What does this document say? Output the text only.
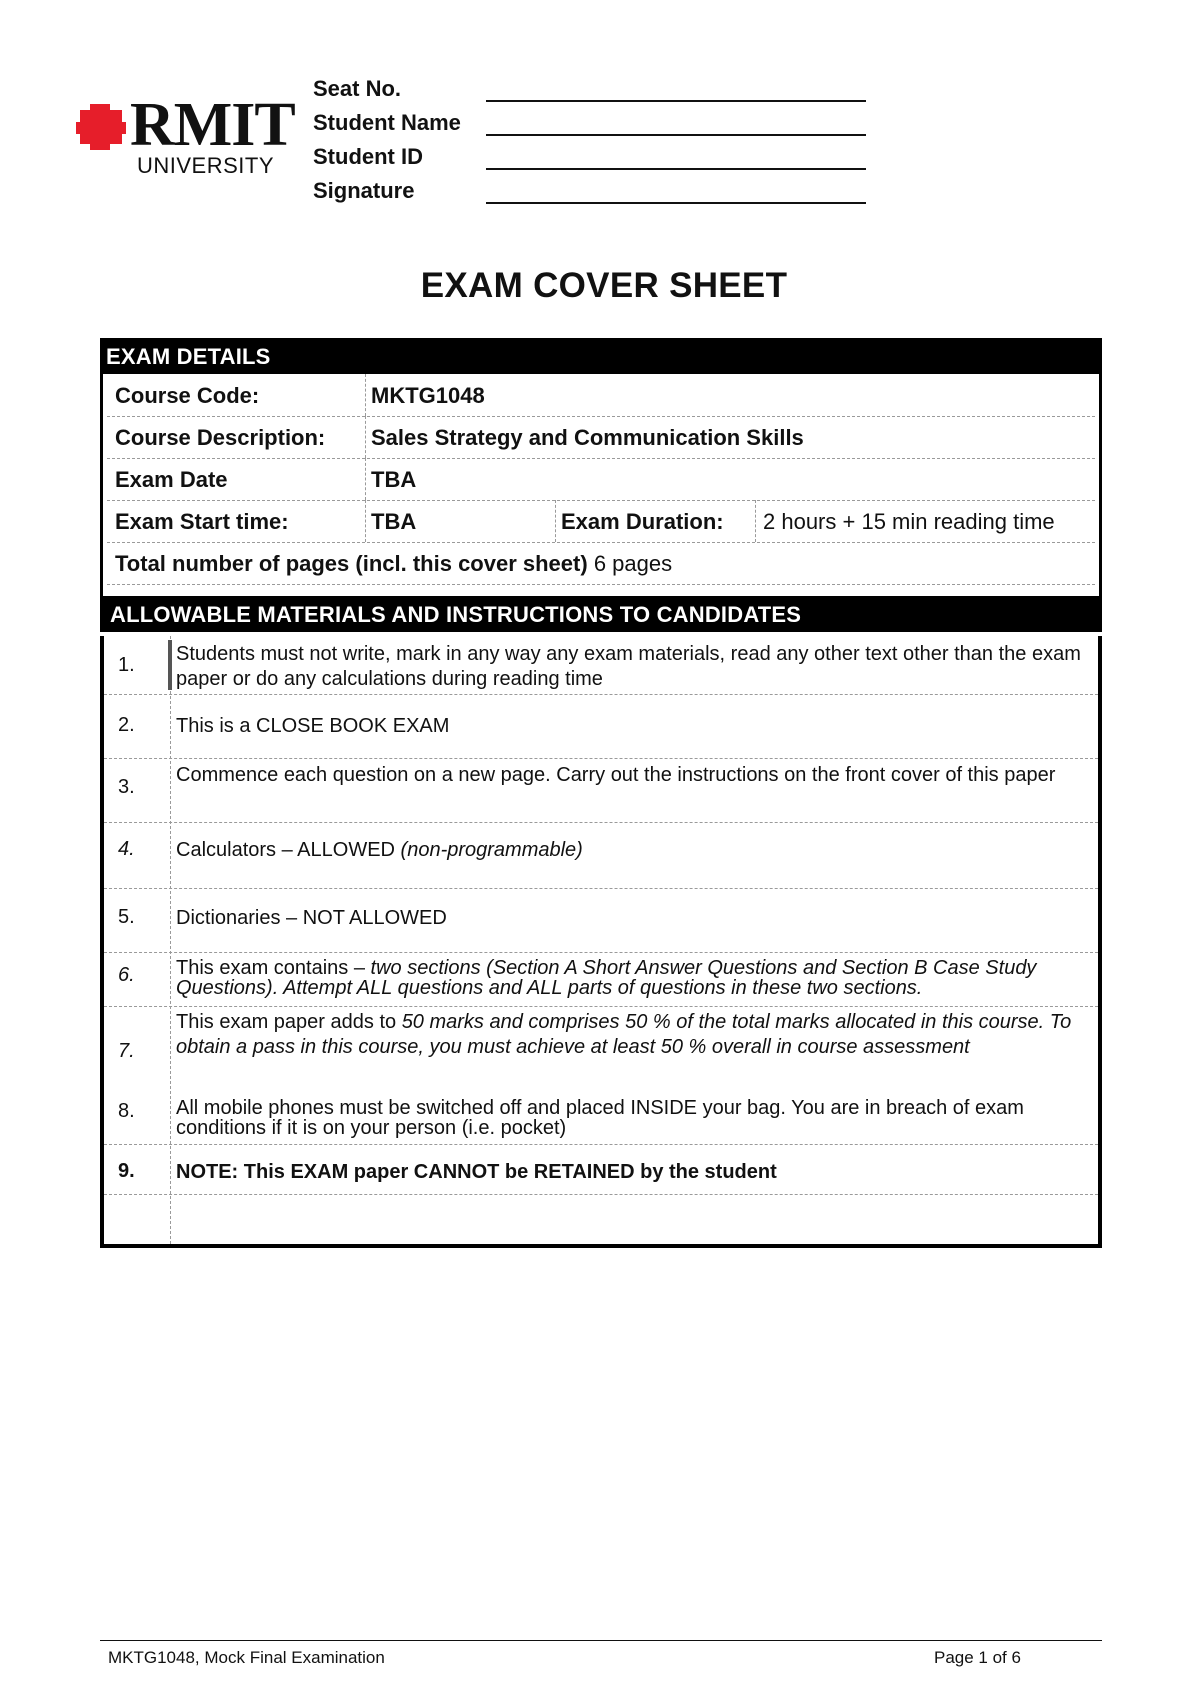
RMIT
UNIVERSITY
Seat No.
Student Name
Student ID
Signature
EXAM COVER SHEET
EXAM DETAILS
Course Code:	MKTG1048
Course Description: Sales Strategy and Communication Skills
Exam Date	TBA
Exam Start time:	TBA	Exam Duration: 2 hours + 15 min reading time
Total number of pages (incl. this cover sheet) 6 pages
ALLOWABLE MATERIALS AND INSTRUCTIONS TO CANDIDATES
1. Students must not write, mark in any way any exam materials, read any other text other than the exam paper or do any calculations during reading time
2. This is a CLOSE BOOK EXAM
3.
Commence each question on a new page. Carry out the instructions on the front cover of this paper
4. Calculators – ALLOWED (non-programmable)
5. Dictionaries – NOT ALLOWED
6. This exam contains – two sections (Section A Short Answer Questions and Section B Case Study Questions). Attempt ALL questions and ALL parts of questions in these two sections.
7.
This exam paper adds to 50 marks and comprises 50 % of the total marks allocated in this course. To obtain a pass in this course, you must achieve at least 50 % overall in course assessment
8. All mobile phones must be switched off and placed INSIDE your bag. You are in breach of exam conditions if it is on your person (i.e. pocket)
9. NOTE: This EXAM paper CANNOT be RETAINED by the student
MKTG1048, Mock Final Examination	Page 1 of 6
